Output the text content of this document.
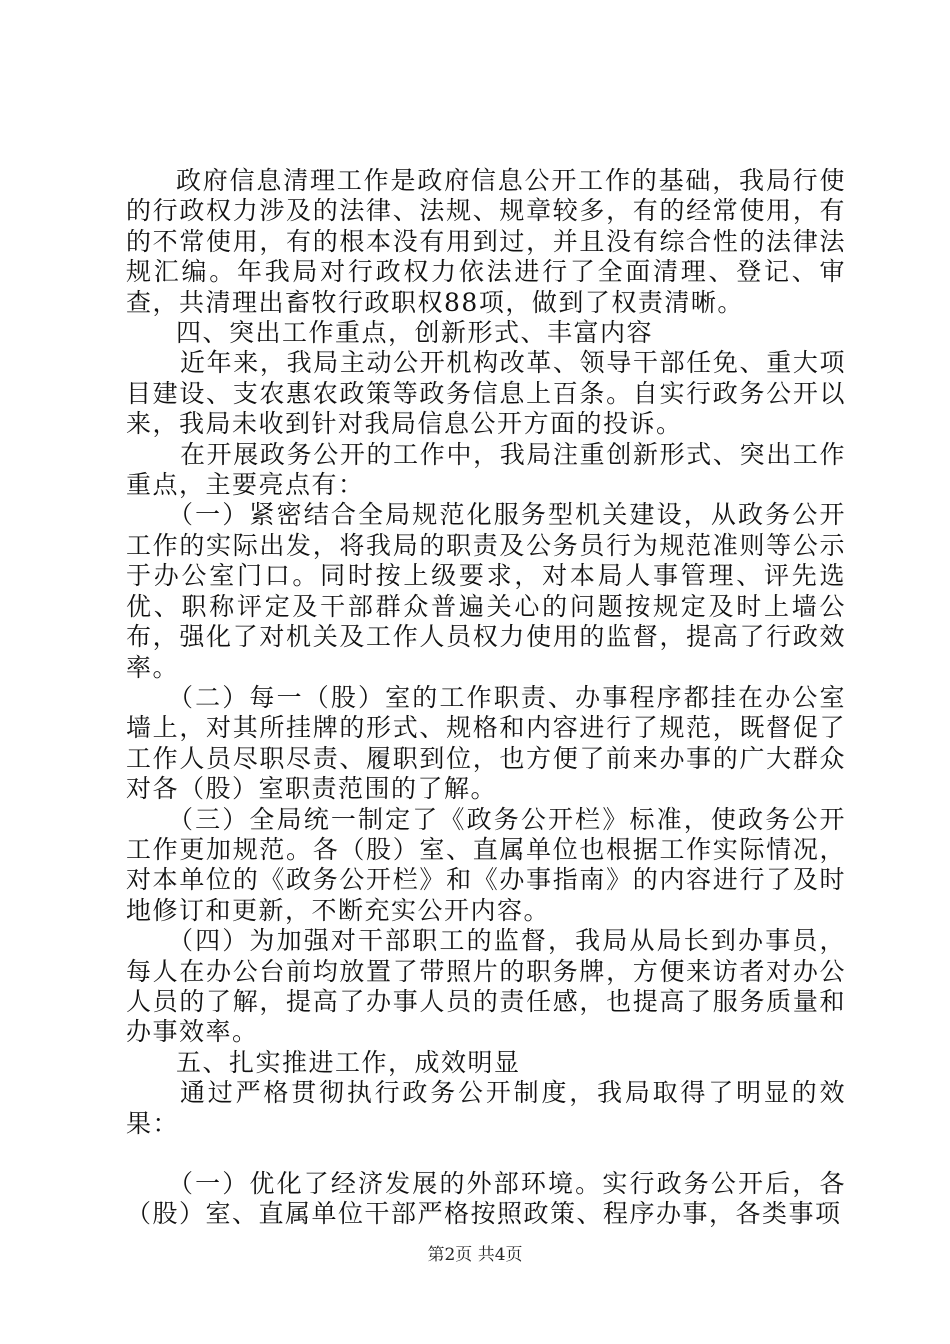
政府信息清理工作是政府信息公开工作的基础，我局行使的行政权力涉及的法律、法规、规章较多，有的经常使用，有的不常使用，有的根本没有用到过，并且没有综合性的法律法规汇编。年我局对行政权力依法进行了全面清理、登记、审查，共清理出畜牧行政职权88项，做到了权责清晰。

四、突出工作重点，创新形式、丰富内容

近年来，我局主动公开机构改革、领导干部任免、重大项目建设、支农惠农政策等政务信息上百条。自实行政务公开以来，我局未收到针对我局信息公开方面的投诉。

在开展政务公开的工作中，我局注重创新形式、突出工作重点，主要亮点有：

（一）紧密结合全局规范化服务型机关建设，从政务公开工作的实际出发，将我局的职责及公务员行为规范准则等公示于办公室门口。同时按上级要求，对本局人事管理、评先选优、职称评定及干部群众普遍关心的问题按规定及时上墙公布，强化了对机关及工作人员权力使用的监督，提高了行政效率。

（二）每一（股）室的工作职责、办事程序都挂在办公室墙上，对其所挂牌的形式、规格和内容进行了规范，既督促了工作人员尽职尽责、履职到位，也方便了前来办事的广大群众对各（股）室职责范围的了解。

（三）全局统一制定了《政务公开栏》标准，使政务公开工作更加规范。各（股）室、直属单位也根据工作实际情况，对本单位的《政务公开栏》和《办事指南》的内容进行了及时地修订和更新，不断充实公开内容。

（四）为加强对干部职工的监督，我局从局长到办事员，每人在办公台前均放置了带照片的职务牌，方便来访者对办公人员的了解，提高了办事人员的责任感，也提高了服务质量和办事效率。

五、扎实推进工作，成效明显

通过严格贯彻执行政务公开制度，我局取得了明显的效果：

（一）优化了经济发展的外部环境。实行政务公开后，各（股）室、直属单位干部严格按照政策、程序办事，各类事项

第2页 共4页
